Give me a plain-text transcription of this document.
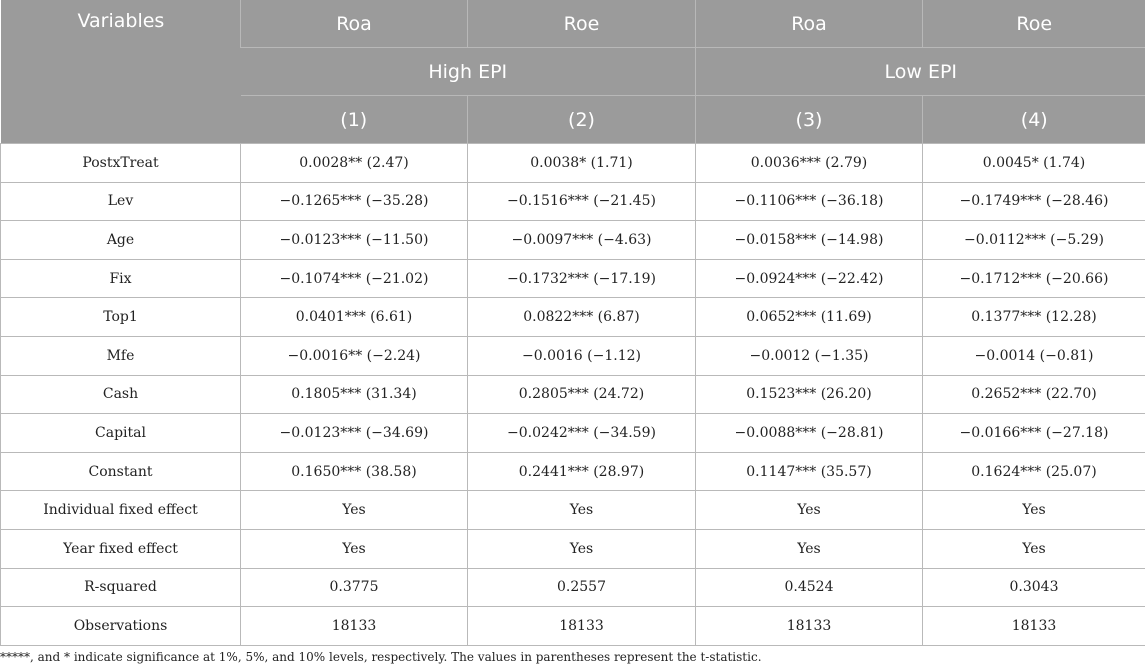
Variables	Roa	Roe	Roa	Roe
	High EPI		Low EPI	
	(1)	(2)	(3)	(4)
PostxTreat	0.0028** (2.47)	0.0038* (1.71)	0.0036*** (2.79)	0.0045* (1.74)
Lev	−0.1265*** (−35.28)	−0.1516*** (−21.45)	−0.1106*** (−36.18)	−0.1749*** (−28.46)
Age	−0.0123*** (−11.50)	−0.0097*** (−4.63)	−0.0158*** (−14.98)	−0.0112*** (−5.29)
Fix	−0.1074*** (−21.02)	−0.1732*** (−17.19)	−0.0924*** (−22.42)	−0.1712*** (−20.66)
Top1	0.0401*** (6.61)	0.0822*** (6.87)	0.0652*** (11.69)	0.1377*** (12.28)
Mfe	−0.0016** (−2.24)	−0.0016 (−1.12)	−0.0012 (−1.35)	−0.0014 (−0.81)
Cash	0.1805*** (31.34)	0.2805*** (24.72)	0.1523*** (26.20)	0.2652*** (22.70)
Capital	−0.0123*** (−34.69)	−0.0242*** (−34.59)	−0.0088*** (−28.81)	−0.0166*** (−27.18)
Constant	0.1650*** (38.58)	0.2441*** (28.97)	0.1147*** (35.57)	0.1624*** (25.07)
Individual fixed effect	Yes	Yes	Yes	Yes
Year fixed effect	Yes	Yes	Yes	Yes
R-squared	0.3775	0.2557	0.4524	0.3043
Observations	18133	18133	18133	18133
*****, and * indicate significance at 1%, 5%, and 10% levels, respectively. The values in parentheses represent the t-statistic.
